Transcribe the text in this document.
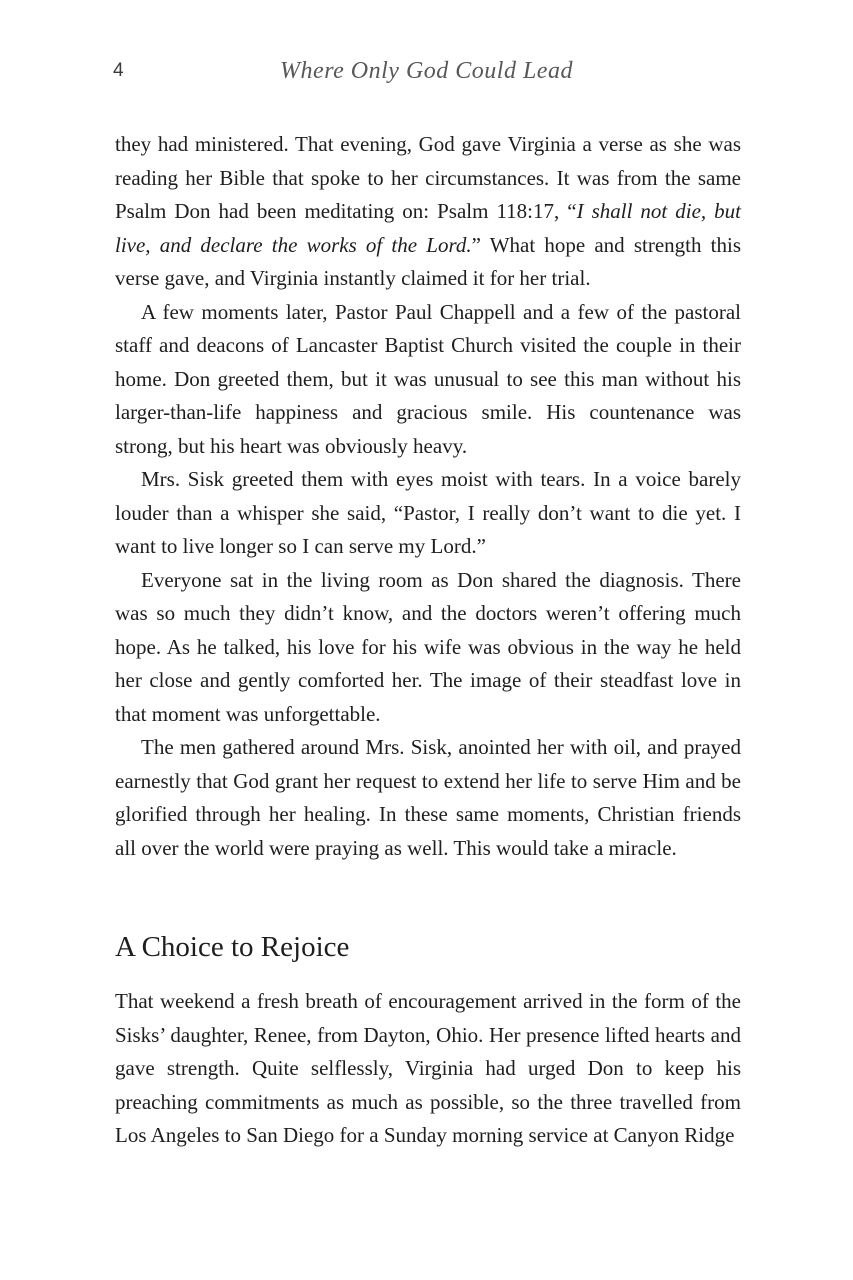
4	Where Only God Could Lead

they had ministered. That evening, God gave Virginia a verse as she was reading her Bible that spoke to her circumstances. It was from the same Psalm Don had been meditating on: Psalm 118:17, “I shall not die, but live, and declare the works of the Lord.” What hope and strength this verse gave, and Virginia instantly claimed it for her trial.

A few moments later, Pastor Paul Chappell and a few of the pastoral staff and deacons of Lancaster Baptist Church visited the couple in their home. Don greeted them, but it was unusual to see this man without his larger-than-life happiness and gracious smile. His countenance was strong, but his heart was obviously heavy.

Mrs. Sisk greeted them with eyes moist with tears. In a voice barely louder than a whisper she said, “Pastor, I really don’t want to die yet. I want to live longer so I can serve my Lord.”

Everyone sat in the living room as Don shared the diagnosis. There was so much they didn’t know, and the doctors weren’t offering much hope. As he talked, his love for his wife was obvious in the way he held her close and gently comforted her. The image of their steadfast love in that moment was unforgettable.

The men gathered around Mrs. Sisk, anointed her with oil, and prayed earnestly that God grant her request to extend her life to serve Him and be glorified through her healing. In these same moments, Christian friends all over the world were praying as well. This would take a miracle.

A Choice to Rejoice

That weekend a fresh breath of encouragement arrived in the form of the Sisks’ daughter, Renee, from Dayton, Ohio. Her presence lifted hearts and gave strength. Quite selflessly, Virginia had urged Don to keep his preaching commitments as much as possible, so the three travelled from Los Angeles to San Diego for a Sunday morning service at Canyon Ridge
